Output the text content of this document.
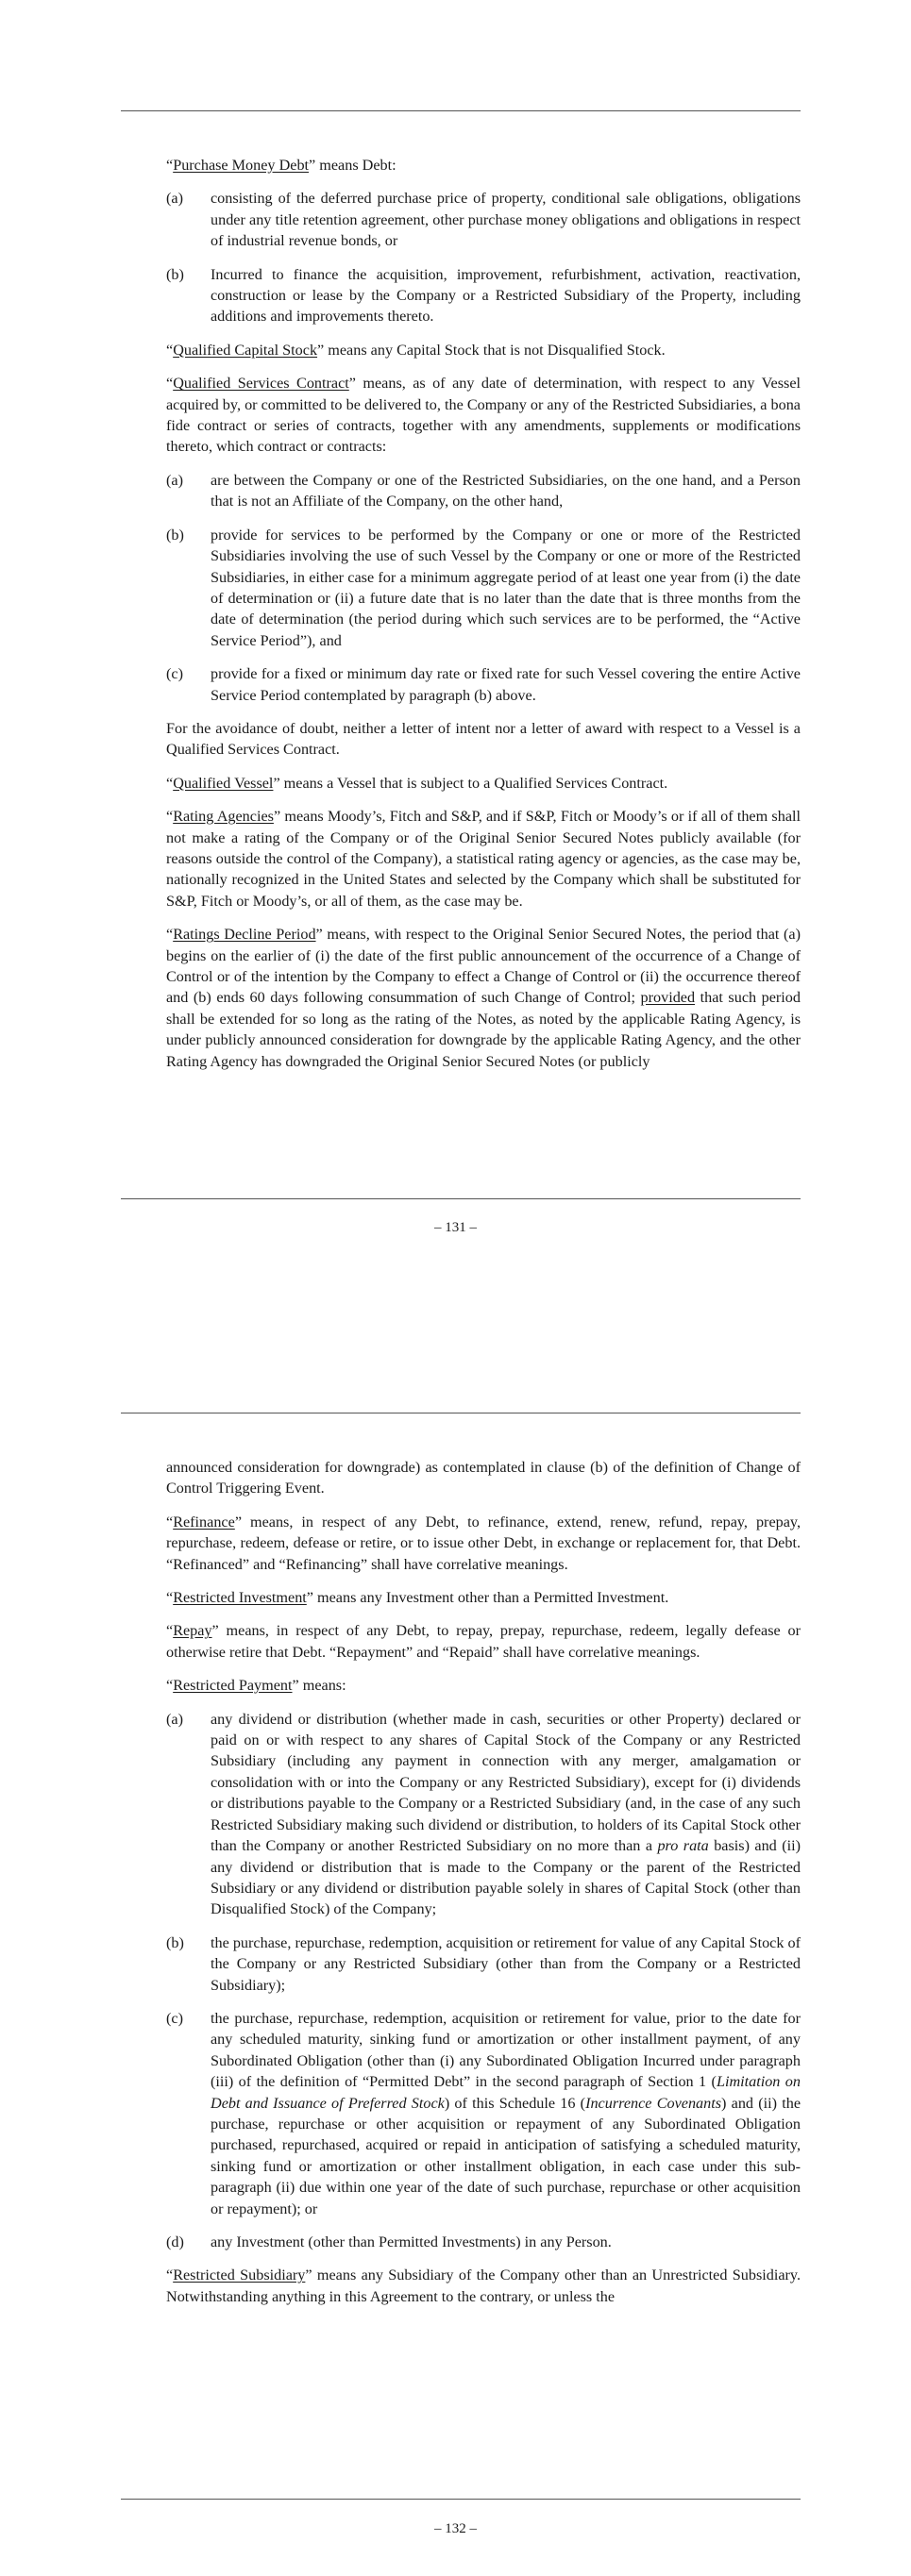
“Purchase Money Debt” means Debt:

(a)	consisting of the deferred purchase price of property, conditional sale obligations, obligations under any title retention agreement, other purchase money obligations and obligations in respect of industrial revenue bonds, or
(b)	Incurred to finance the acquisition, improvement, refurbishment, activation, reactivation, construction or lease by the Company or a Restricted Subsidiary of the Property, including additions and improvements thereto.

“Qualified Capital Stock” means any Capital Stock that is not Disqualified Stock.

“Qualified Services Contract” means, as of any date of determination, with respect to any Vessel acquired by, or committed to be delivered to, the Company or any of the Restricted Subsidiaries, a bona fide contract or series of contracts, together with any amendments, supplements or modifications thereto, which contract or contracts:

(a)	are between the Company or one of the Restricted Subsidiaries, on the one hand, and a Person that is not an Affiliate of the Company, on the other hand,
(b)	provide for services to be performed by the Company or one or more of the Restricted Subsidiaries involving the use of such Vessel by the Company or one or more of the Restricted Subsidiaries, in either case for a minimum aggregate period of at least one year from (i) the date of determination or (ii) a future date that is no later than the date that is three months from the date of determination (the period during which such services are to be performed, the “Active Service Period”), and
(c)	provide for a fixed or minimum day rate or fixed rate for such Vessel covering the entire Active Service Period contemplated by paragraph (b) above.

For the avoidance of doubt, neither a letter of intent nor a letter of award with respect to a Vessel is a Qualified Services Contract.

“Qualified Vessel” means a Vessel that is subject to a Qualified Services Contract.

“Rating Agencies” means Moody’s, Fitch and S&P, and if S&P, Fitch or Moody’s or if all of them shall not make a rating of the Company or of the Original Senior Secured Notes publicly available (for reasons outside the control of the Company), a statistical rating agency or agencies, as the case may be, nationally recognized in the United States and selected by the Company which shall be substituted for S&P, Fitch or Moody’s, or all of them, as the case may be.

“Ratings Decline Period” means, with respect to the Original Senior Secured Notes, the period that (a) begins on the earlier of (i) the date of the first public announcement of the occurrence of a Change of Control or of the intention by the Company to effect a Change of Control or (ii) the occurrence thereof and (b) ends 60 days following consummation of such Change of Control; provided that such period shall be extended for so long as the rating of the Notes, as noted by the applicable Rating Agency, is under publicly announced consideration for downgrade by the applicable Rating Agency, and the other Rating Agency has downgraded the Original Senior Secured Notes (or publicly

– 131 –

announced consideration for downgrade) as contemplated in clause (b) of the definition of Change of Control Triggering Event.

“Refinance” means, in respect of any Debt, to refinance, extend, renew, refund, repay, prepay, repurchase, redeem, defease or retire, or to issue other Debt, in exchange or replacement for, that Debt. “Refinanced” and “Refinancing” shall have correlative meanings.

“Restricted Investment” means any Investment other than a Permitted Investment.

“Repay” means, in respect of any Debt, to repay, prepay, repurchase, redeem, legally defease or otherwise retire that Debt. “Repayment” and “Repaid” shall have correlative meanings.

“Restricted Payment” means:

(a)	any dividend or distribution (whether made in cash, securities or other Property) declared or paid on or with respect to any shares of Capital Stock of the Company or any Restricted Subsidiary (including any payment in connection with any merger, amalgamation or consolidation with or into the Company or any Restricted Subsidiary), except for (i) dividends or distributions payable to the Company or a Restricted Subsidiary (and, in the case of any such Restricted Subsidiary making such dividend or distribution, to holders of its Capital Stock other than the Company or another Restricted Subsidiary on no more than a pro rata basis) and (ii) any dividend or distribution that is made to the Company or the parent of the Restricted Subsidiary or any dividend or distribution payable solely in shares of Capital Stock (other than Disqualified Stock) of the Company;
(b)	the purchase, repurchase, redemption, acquisition or retirement for value of any Capital Stock of the Company or any Restricted Subsidiary (other than from the Company or a Restricted Subsidiary);
(c)	the purchase, repurchase, redemption, acquisition or retirement for value, prior to the date for any scheduled maturity, sinking fund or amortization or other installment payment, of any Subordinated Obligation (other than (i) any Subordinated Obligation Incurred under paragraph (iii) of the definition of “Permitted Debt” in the second paragraph of Section 1 (Limitation on Debt and Issuance of Preferred Stock) of this Schedule 16 (Incurrence Covenants) and (ii) the purchase, repurchase or other acquisition or repayment of any Subordinated Obligation purchased, repurchased, acquired or repaid in anticipation of satisfying a scheduled maturity, sinking fund or amortization or other installment obligation, in each case under this sub-paragraph (ii) due within one year of the date of such purchase, repurchase or other acquisition or repayment); or
(d)	any Investment (other than Permitted Investments) in any Person.

“Restricted Subsidiary” means any Subsidiary of the Company other than an Unrestricted Subsidiary. Notwithstanding anything in this Agreement to the contrary, or unless the

– 132 –
